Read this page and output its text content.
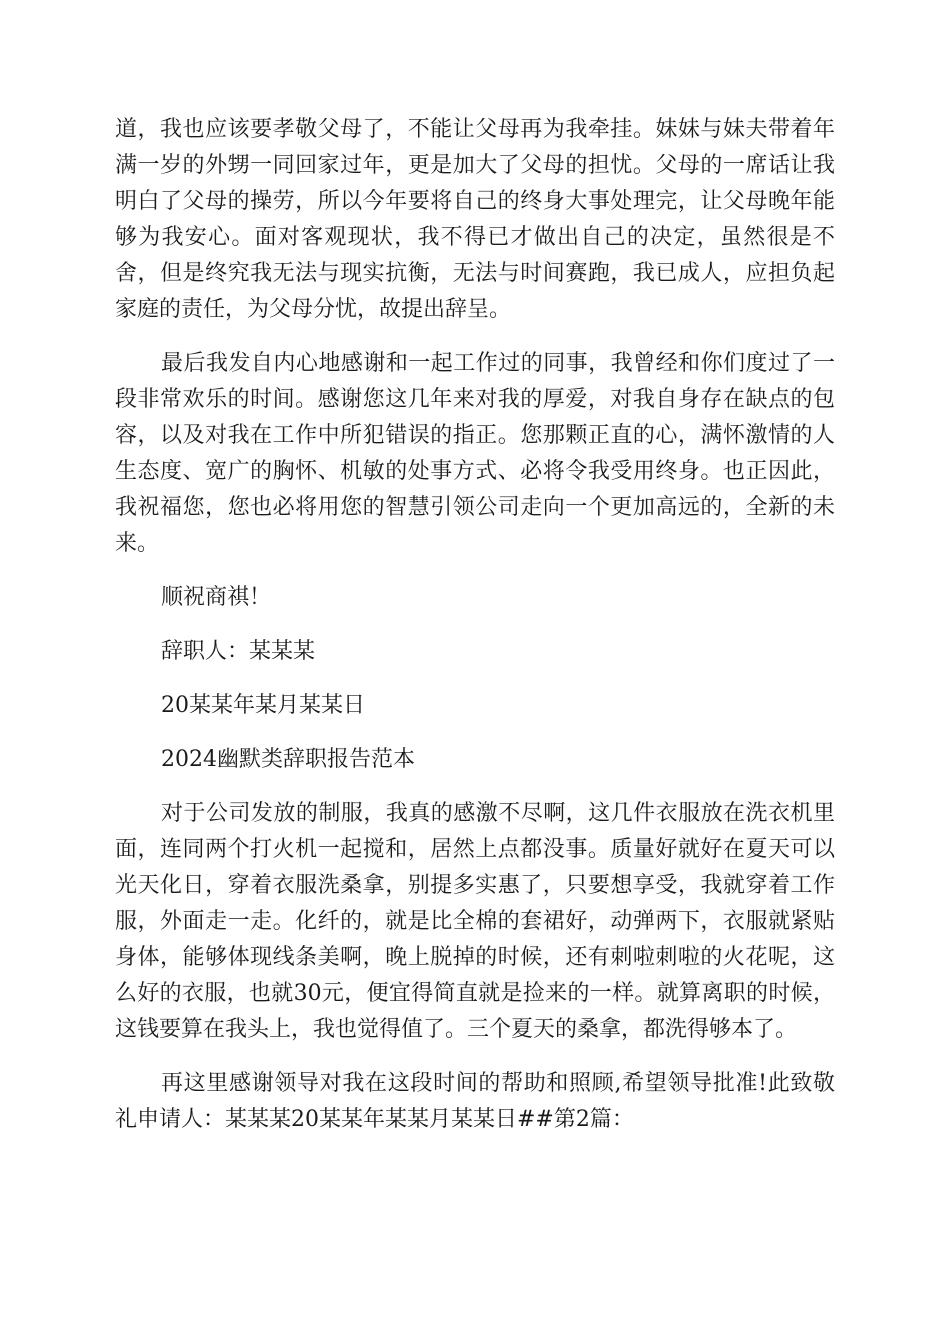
道，我也应该要孝敬父母了，不能让父母再为我牵挂。妹妹与妹夫带着年满一岁的外甥一同回家过年，更是加大了父母的担忧。父母的一席话让我明白了父母的操劳，所以今年要将自己的终身大事处理完，让父母晚年能够为我安心。面对客观现状，我不得已才做出自己的决定，虽然很是不舍，但是终究我无法与现实抗衡，无法与时间赛跑，我已成人，应担负起家庭的责任，为父母分忧，故提出辞呈。

最后我发自内心地感谢和一起工作过的同事，我曾经和你们度过了一段非常欢乐的时间。感谢您这几年来对我的厚爱，对我自身存在缺点的包容，以及对我在工作中所犯错误的指正。您那颗正直的心，满怀激情的人生态度、宽广的胸怀、机敏的处事方式、必将令我受用终身。也正因此，我祝福您，您也必将用您的智慧引领公司走向一个更加高远的，全新的未来。

顺祝商祺！

辞职人：某某某

20某某年某月某某日

2024幽默类辞职报告范本

对于公司发放的制服，我真的感激不尽啊，这几件衣服放在洗衣机里面，连同两个打火机一起搅和，居然上点都没事。质量好就好在夏天可以光天化日，穿着衣服洗桑拿，别提多实惠了，只要想享受，我就穿着工作服，外面走一走。化纤的，就是比全棉的套裙好，动弹两下，衣服就紧贴身体，能够体现线条美啊，晚上脱掉的时候，还有刺啦刺啦的火花呢，这么好的衣服，也就30元，便宜得简直就是捡来的一样。就算离职的时候，这钱要算在我头上，我也觉得值了。三个夏天的桑拿，都洗得够本了。

再这里感谢领导对我在这段时间的帮助和照顾,希望领导批准!此致敬礼申请人：某某某20某某年某某月某某日##第2篇：
